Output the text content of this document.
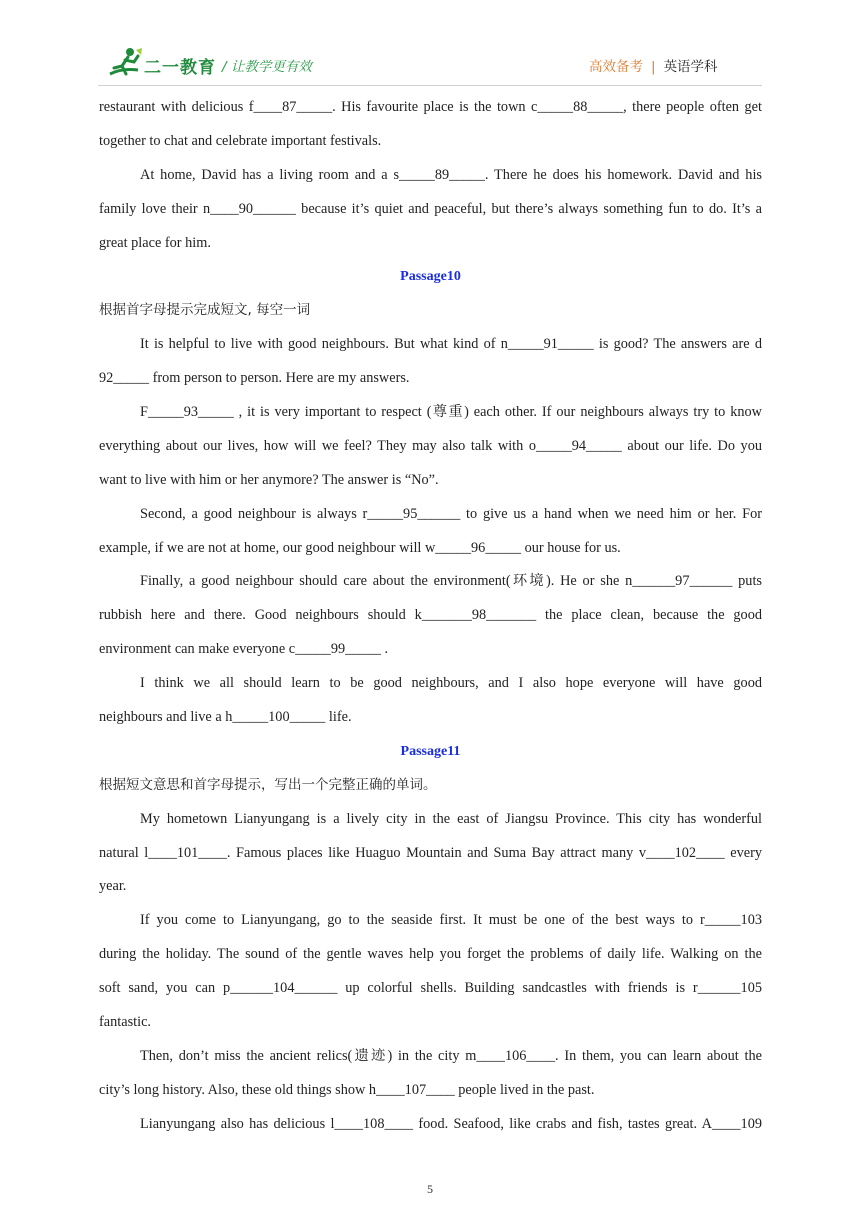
二一教育 / 让教学更有效	高效备考 | 英语学科
restaurant with delicious f____87_____. His favourite place is the town c_____88_____, there people often get
together to chat and celebrate important festivals.
At home, David has a living room and a s_____89_____. There he does his homework. David and his
family love their n____90______ because it’s quiet and peaceful, but there’s always something fun to do. It’s a
great place for him.
Passage10
根据首字母提示完成短文, 每空一词
It is helpful to live with good neighbours. But what kind of n_____91_____ is good? The answers are d
92_____ from person to person. Here are my answers.
F_____93_____ , it is very important to respect (尊重) each other. If our neighbours always try to know
everything about our lives, how will we feel? They may also talk with o_____94_____ about our life. Do you
want to live with him or her anymore? The answer is “No”.
Second, a good neighbour is always r_____95______ to give us a hand when we need him or her. For
example, if we are not at home, our good neighbour will w_____96_____ our house for us.
Finally, a good neighbour should care about the environment(环境). He or she n______97______ puts
rubbish here and there. Good neighbours should k_______98_______ the place clean, because the good
environment can make everyone c_____99_____ .
I think we all should learn to be good neighbours, and I also hope everyone will have good
neighbours and live a h_____100_____ life.
Passage11
根据短文意思和首字母提示，写出一个完整正确的单词。
My hometown Lianyungang is a lively city in the east of Jiangsu Province. This city has wonderful
natural l____101____. Famous places like Huaguo Mountain and Suma Bay attract many v____102____ every
year.
If you come to Lianyungang, go to the seaside first. It must be one of the best ways to r_____103
during the holiday. The sound of the gentle waves help you forget the problems of daily life. Walking on the
soft sand, you can p______104______ up colorful shells. Building sandcastles with friends is r______105
fantastic.
Then, don’t miss the ancient relics(遗迹) in the city m____106____. In them, you can learn about the
city’s long history. Also, these old things show h____107____ people lived in the past.
Lianyungang also has delicious l____108____ food. Seafood, like crabs and fish, tastes great. A____109
5
